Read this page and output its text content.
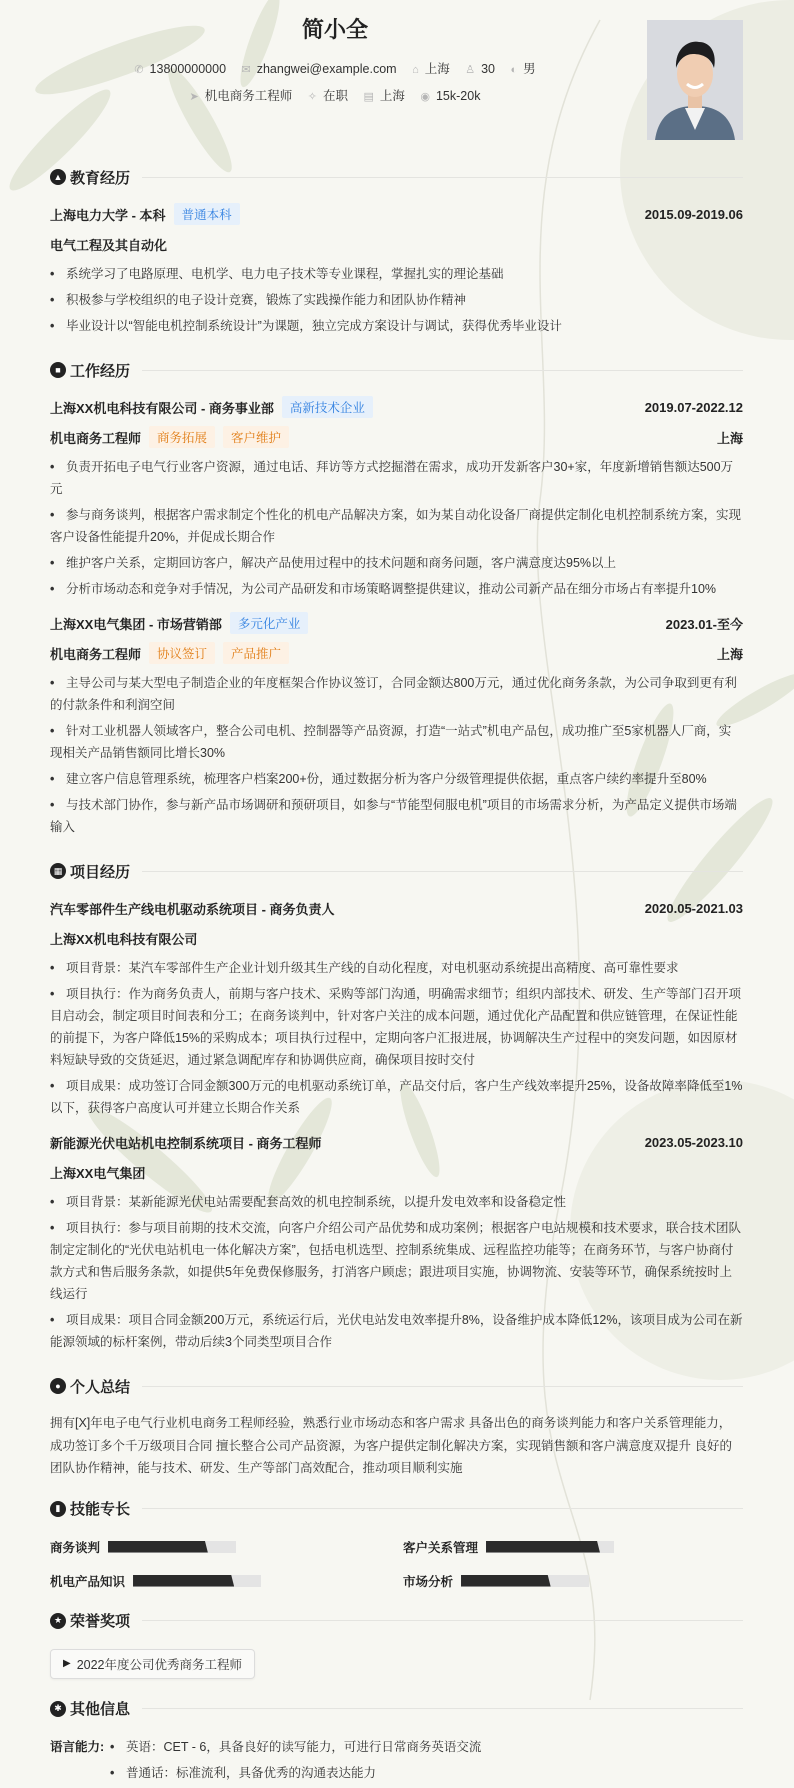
简小全
✆ 13800000000 ✉ zhangwei@example.com ⌂ 上海 ♙ 30 ◐ 男
➤ 机电商务工程师 ✧ 在职 ▤ 上海 ◉ 15k-20k
▲ 教育经历
上海电力大学 - 本科	普通本科	2015.09-2019.06
电气工程及其自动化
• 系统学习了电路原理、电机学、电力电子技术等专业课程，掌握扎实的理论基础
• 积极参与学校组织的电子设计竞赛，锻炼了实践操作能力和团队协作精神
• 毕业设计以“智能电机控制系统设计”为课题，独立完成方案设计与调试，获得优秀毕业设计
■ 工作经历
上海XX机电科技有限公司 - 商务事业部	高新技术企业	2019.07-2022.12
机电商务工程师	商务拓展	客户维护	上海
• 负责开拓电子电气行业客户资源，通过电话、拜访等方式挖掘潜在需求，成功开发新客户30+家，年度新增销售额达500万元
• 参与商务谈判，根据客户需求制定个性化的机电产品解决方案，如为某自动化设备厂商提供定制化电机控制系统方案，实现客户设备性能提升20%，并促成长期合作
• 维护客户关系，定期回访客户，解决产品使用过程中的技术问题和商务问题，客户满意度达95%以上
• 分析市场动态和竞争对手情况，为公司产品研发和市场策略调整提供建议，推动公司新产品在细分市场占有率提升10%
上海XX电气集团 - 市场营销部	多元化产业	2023.01-至今
机电商务工程师	协议签订	产品推广	上海
• 主导公司与某大型电子制造企业的年度框架合作协议签订，合同金额达800万元，通过优化商务条款，为公司争取到更有利的付款条件和利润空间
• 针对工业机器人领域客户，整合公司电机、控制器等产品资源，打造“一站式”机电产品包，成功推广至5家机器人厂商，实现相关产品销售额同比增长30%
• 建立客户信息管理系统，梳理客户档案200+份，通过数据分析为客户分级管理提供依据，重点客户续约率提升至80%
• 与技术部门协作，参与新产品市场调研和预研项目，如参与“节能型伺服电机”项目的市场需求分析，为产品定义提供市场端输入
▦ 项目经历
汽车零部件生产线电机驱动系统项目 - 商务负责人	2020.05-2021.03
上海XX机电科技有限公司
• 项目背景：某汽车零部件生产企业计划升级其生产线的自动化程度，对电机驱动系统提出高精度、高可靠性要求
• 项目执行：作为商务负责人，前期与客户技术、采购等部门沟通，明确需求细节；组织内部技术、研发、生产等部门召开项目启动会，制定项目时间表和分工；在商务谈判中，针对客户关注的成本问题，通过优化产品配置和供应链管理，在保证性能的前提下，为客户降低15%的采购成本；项目执行过程中，定期向客户汇报进展，协调解决生产过程中的突发问题，如因原材料短缺导致的交货延迟，通过紧急调配库存和协调供应商，确保项目按时交付
• 项目成果：成功签订合同金额300万元的电机驱动系统订单，产品交付后，客户生产线效率提升25%，设备故障率降低至1%以下，获得客户高度认可并建立长期合作关系
新能源光伏电站机电控制系统项目 - 商务工程师	2023.05-2023.10
上海XX电气集团
• 项目背景：某新能源光伏电站需要配套高效的机电控制系统，以提升发电效率和设备稳定性
• 项目执行：参与项目前期的技术交流，向客户介绍公司产品优势和成功案例；根据客户电站规模和技术要求，联合技术团队制定定制化的“光伏电站机电一体化解决方案”，包括电机选型、控制系统集成、远程监控功能等；在商务环节，与客户协商付款方式和售后服务条款，如提供5年免费保修服务，打消客户顾虑；跟进项目实施，协调物流、安装等环节，确保系统按时上线运行
• 项目成果：项目合同金额200万元，系统运行后，光伏电站发电效率提升8%，设备维护成本降低12%，该项目成为公司在新能源领域的标杆案例，带动后续3个同类型项目合作
● 个人总结

拥有[X]年电子电气行业机电商务工程师经验，熟悉行业市场动态和客户需求 具备出色的商务谈判能力和客户关系管理能力，成功签订多个千万级项目合同 擅长整合公司产品资源，为客户提供定制化解决方案，实现销售额和客户满意度双提升 良好的团队协作精神，能与技术、研发、生产等部门高效配合，推动项目顺利实施

▮ 技能专长
商务谈判	客户关系管理
机电产品知识	市场分析
★ 荣誉奖项
▶ 2022年度公司优秀商务工程师
✱ 其他信息
语言能力: • 英语：CET - 6，具备良好的读写能力，可进行日常商务英语交流
• 普通话：标准流利，具备优秀的沟通表达能力
